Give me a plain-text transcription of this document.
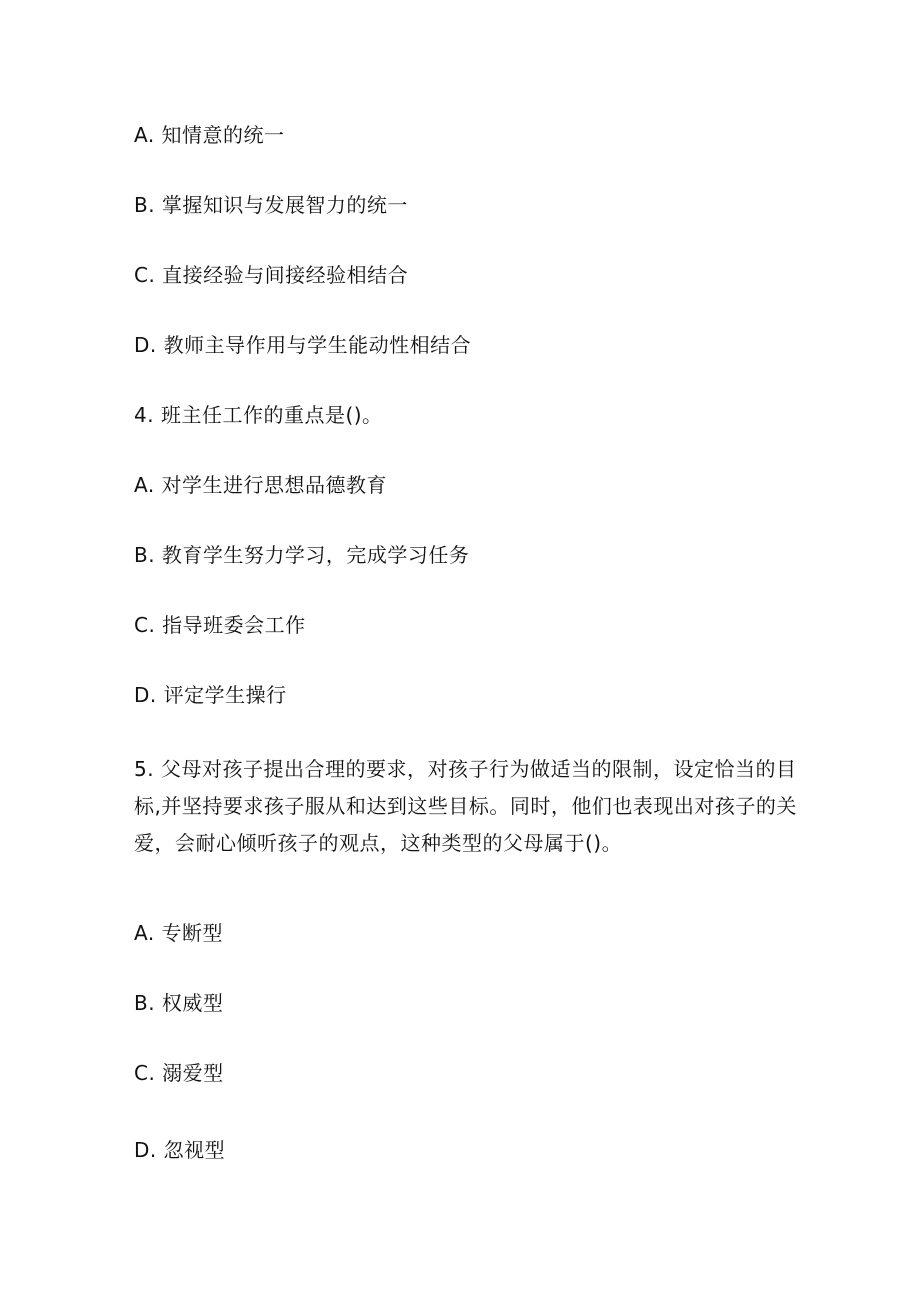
A. 知情意的统一
B. 掌握知识与发展智力的统一
C. 直接经验与间接经验相结合
D. 教师主导作用与学生能动性相结合
4. 班主任工作的重点是()。
A. 对学生进行思想品德教育
B. 教育学生努力学习，完成学习任务
C. 指导班委会工作
D. 评定学生操行
5. 父母对孩子提出合理的要求，对孩子行为做适当的限制，设定恰当的目
标,并坚持要求孩子服从和达到这些目标。同时，他们也表现出对孩子的关
爱，会耐心倾听孩子的观点，这种类型的父母属于()。
A. 专断型
B. 权威型
C. 溺爱型
D. 忽视型
